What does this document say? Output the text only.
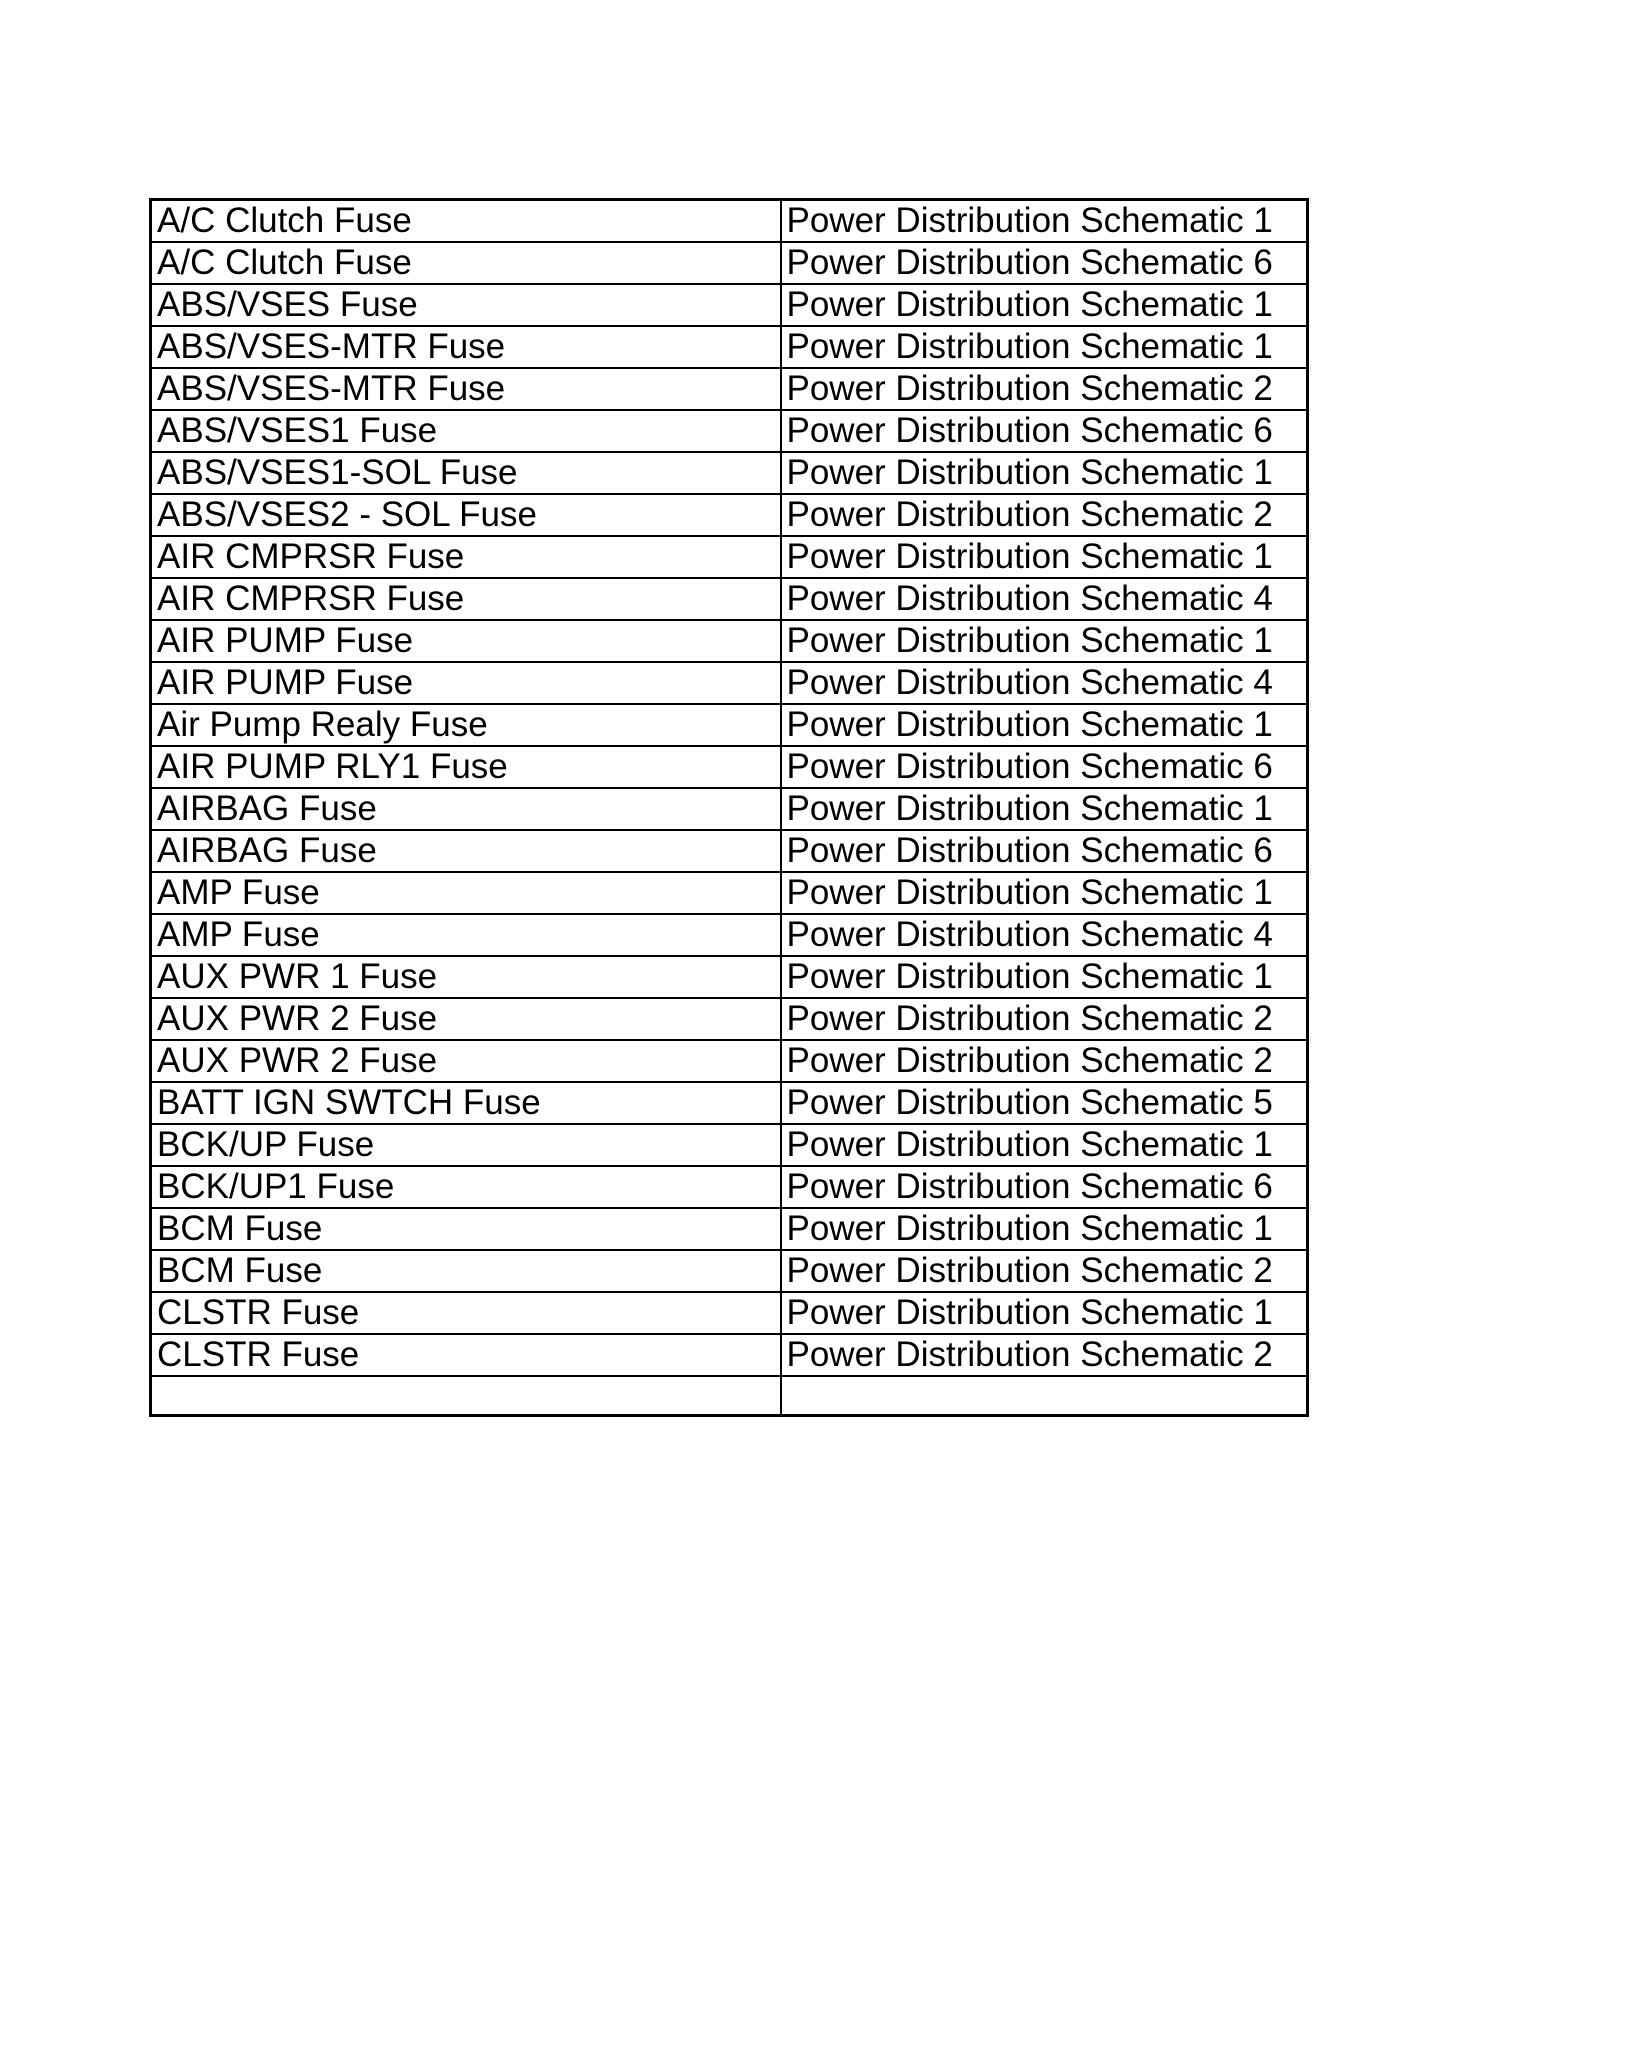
A/C Clutch Fuse	Power Distribution Schematic 1
A/C Clutch Fuse	Power Distribution Schematic 6
ABS/VSES Fuse	Power Distribution Schematic 1
ABS/VSES-MTR Fuse	Power Distribution Schematic 1
ABS/VSES-MTR Fuse	Power Distribution Schematic 2
ABS/VSES1 Fuse	Power Distribution Schematic 6
ABS/VSES1-SOL Fuse	Power Distribution Schematic 1
ABS/VSES2 - SOL Fuse	Power Distribution Schematic 2
AIR CMPRSR Fuse	Power Distribution Schematic 1
AIR CMPRSR Fuse	Power Distribution Schematic 4
AIR PUMP Fuse	Power Distribution Schematic 1
AIR PUMP Fuse	Power Distribution Schematic 4
Air Pump Realy Fuse	Power Distribution Schematic 1
AIR PUMP RLY1 Fuse	Power Distribution Schematic 6
AIRBAG Fuse	Power Distribution Schematic 1
AIRBAG Fuse	Power Distribution Schematic 6
AMP Fuse	Power Distribution Schematic 1
AMP Fuse	Power Distribution Schematic 4
AUX PWR 1 Fuse	Power Distribution Schematic 1
AUX PWR 2 Fuse	Power Distribution Schematic 2
AUX PWR 2 Fuse	Power Distribution Schematic 2
BATT IGN SWTCH Fuse	Power Distribution Schematic 5
BCK/UP Fuse	Power Distribution Schematic 1
BCK/UP1 Fuse	Power Distribution Schematic 6
BCM Fuse	Power Distribution Schematic 1
BCM Fuse	Power Distribution Schematic 2
CLSTR Fuse	Power Distribution Schematic 1
CLSTR Fuse	Power Distribution Schematic 2
